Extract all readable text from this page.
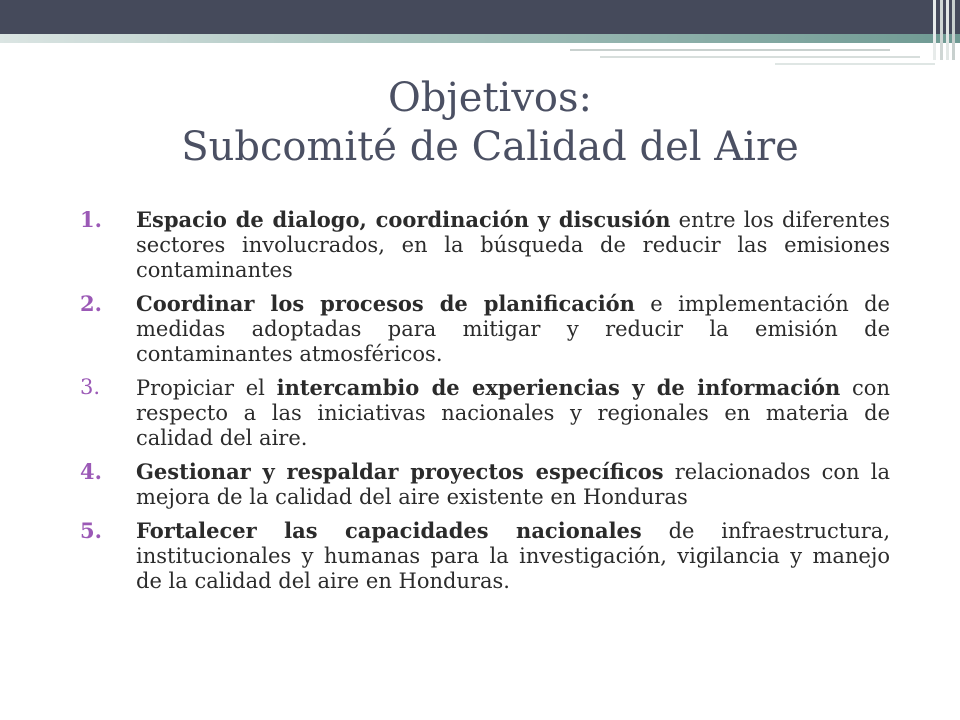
Objetivos:
Subcomité de Calidad del Aire
1. Espacio de dialogo, coordinación y discusión entre los diferentes sectores involucrados, en la búsqueda de reducir las emisiones contaminantes
2. Coordinar los procesos de planificación e implementación de medidas adoptadas para mitigar y reducir la emisión de contaminantes atmosféricos.
3. Propiciar el intercambio de experiencias y de información con respecto a las iniciativas nacionales y regionales en materia de calidad del aire.
4. Gestionar y respaldar proyectos específicos relacionados con la mejora de la calidad del aire existente en Honduras
5. Fortalecer las capacidades nacionales de infraestructura, institucionales y humanas para la investigación, vigilancia y manejo de la calidad del aire en Honduras.
